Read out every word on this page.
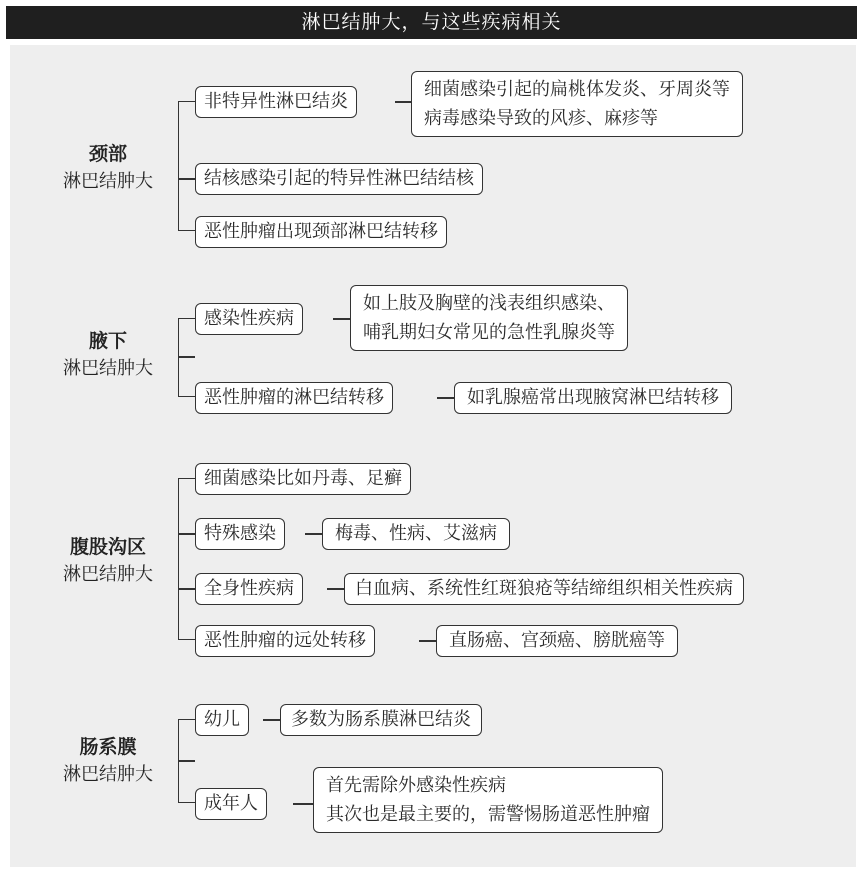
淋巴结肿大，与这些疾病相关
颈部
淋巴结肿大
非特异性淋巴结炎
细菌感染引起的扁桃体发炎、牙周炎等
病毒感染导致的风疹、麻疹等
结核感染引起的特异性淋巴结结核
恶性肿瘤出现颈部淋巴结转移
腋下
淋巴结肿大
感染性疾病
如上肢及胸壁的浅表组织感染、
哺乳期妇女常见的急性乳腺炎等
恶性肿瘤的淋巴结转移	如乳腺癌常出现腋窝淋巴结转移
腹股沟区
淋巴结肿大
细菌感染比如丹毒、足癣
特殊感染	梅毒、性病、艾滋病
全身性疾病	白血病、系统性红斑狼疮等结缔组织相关性疾病
恶性肿瘤的远处转移	直肠癌、宫颈癌、膀胱癌等
肠系膜
淋巴结肿大
幼儿	多数为肠系膜淋巴结炎
成年人
首先需除外感染性疾病
其次也是最主要的，需警惕肠道恶性肿瘤
